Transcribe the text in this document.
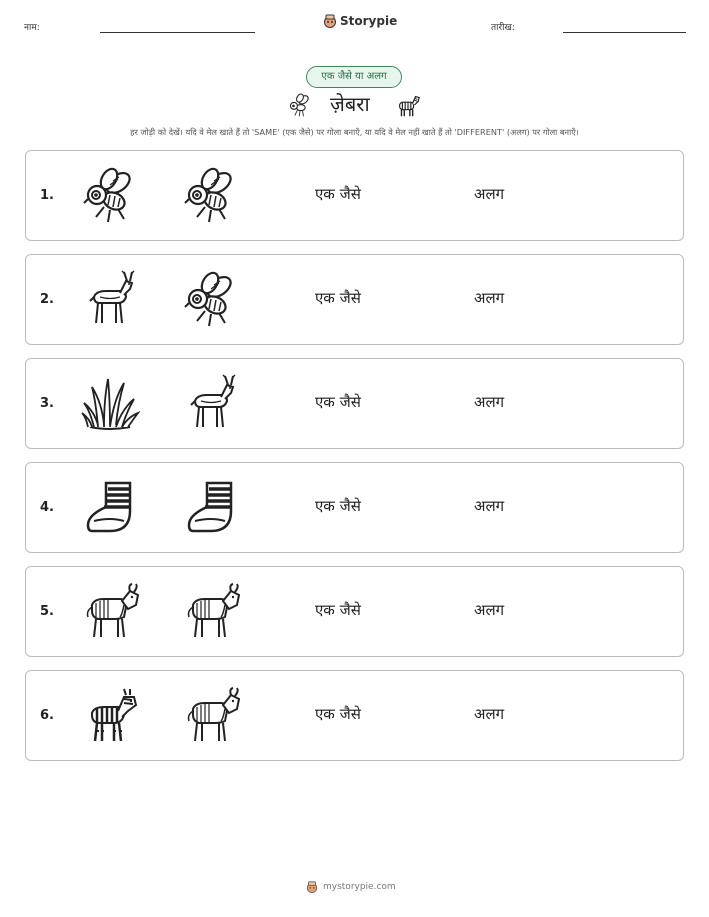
नाम:	Storypie	तारीख:
एक जैसे या अलग
ज़ेबरा
हर जोड़ी को देखें। यदि वे मेल खाते हैं तो 'SAME' (एक जैसे) पर गोला बनाएँ, या यदि वे मेल नहीं खाते हैं तो 'DIFFERENT' (अलग) पर गोला बनाएँ।
1.	एक जैसे	अलग
2.	एक जैसे	अलग
3.	एक जैसे	अलग
4.	एक जैसे	अलग
5.	एक जैसे	अलग
6.	एक जैसे	अलग
mystorypie.com
